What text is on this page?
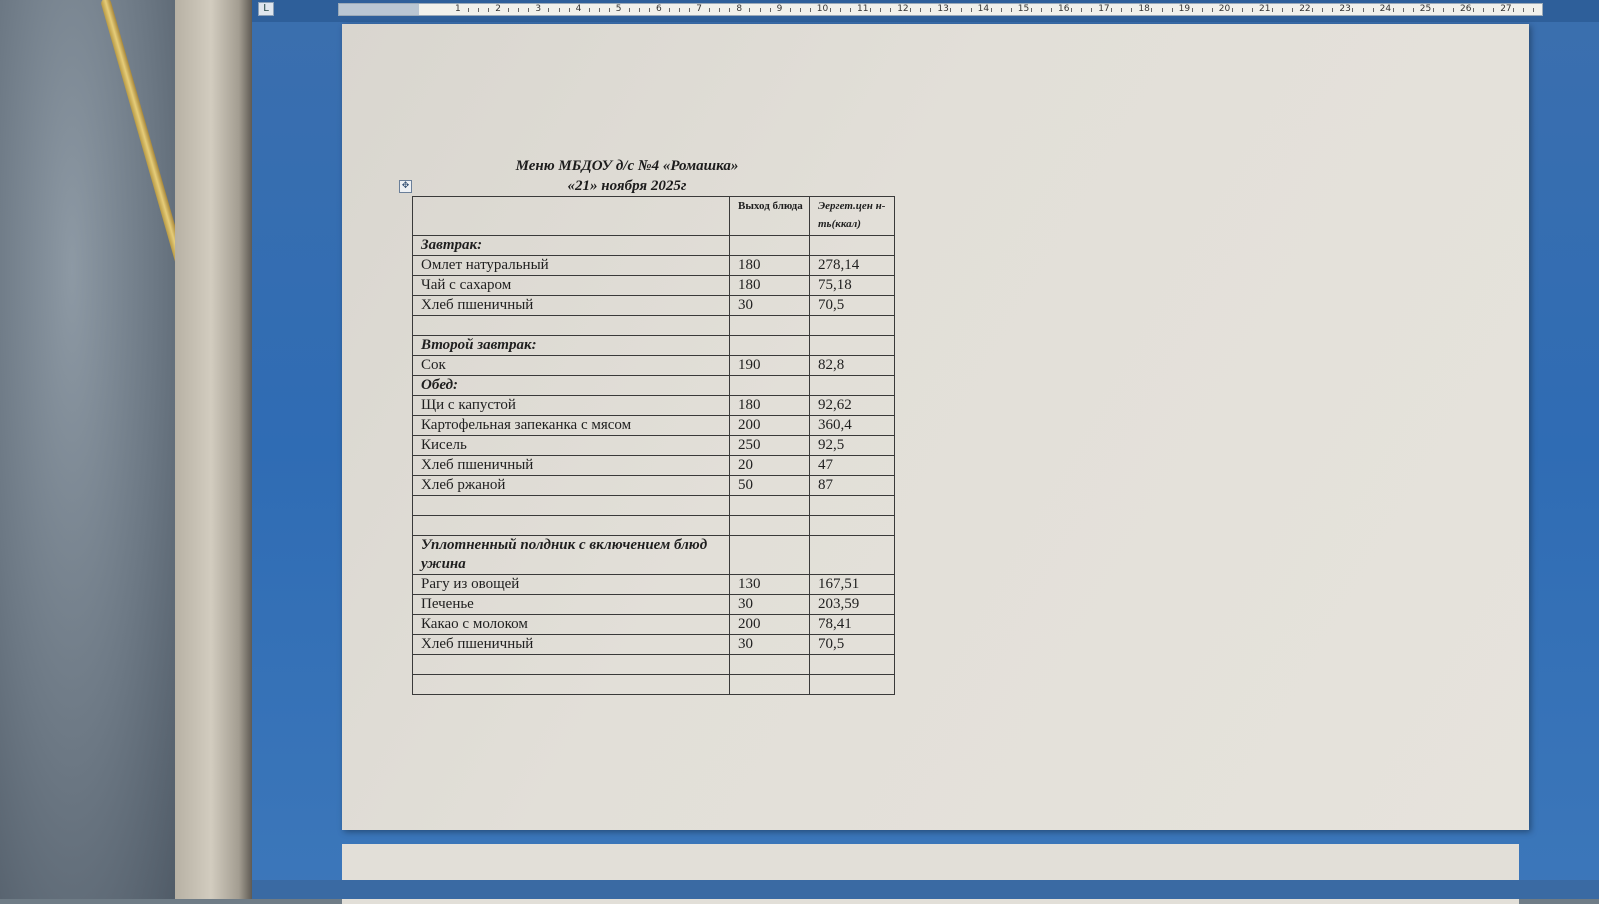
L	1	2	3	4	5	6	7	8	9	10	11	12	13	14	15	16	17	18	19	20	21	22	23	24	25	26	27
Меню МБДОУ д/с №4 «Ромашка»
«21» ноября 2025г
✥
	Выход блюда	Эергет.цен н-ть(ккал)
Завтрак:		
Омлет натуральный	180	278,14
Чай с сахаром	180	75,18
Хлеб пшеничный	30	70,5

Второй завтрак:		
Сок	190	82,8
Обед:		
Щи с капустой	180	92,62
Картофельная запеканка с мясом	200	360,4
Кисель	250	92,5
Хлеб пшеничный	20	47
Хлеб ржаной	50	87

Уплотненный полдник с включением блюд ужина		
Рагу из овощей	130	167,51
Печенье	30	203,59
Какао с молоком	200	78,41
Хлеб пшеничный	30	70,5
